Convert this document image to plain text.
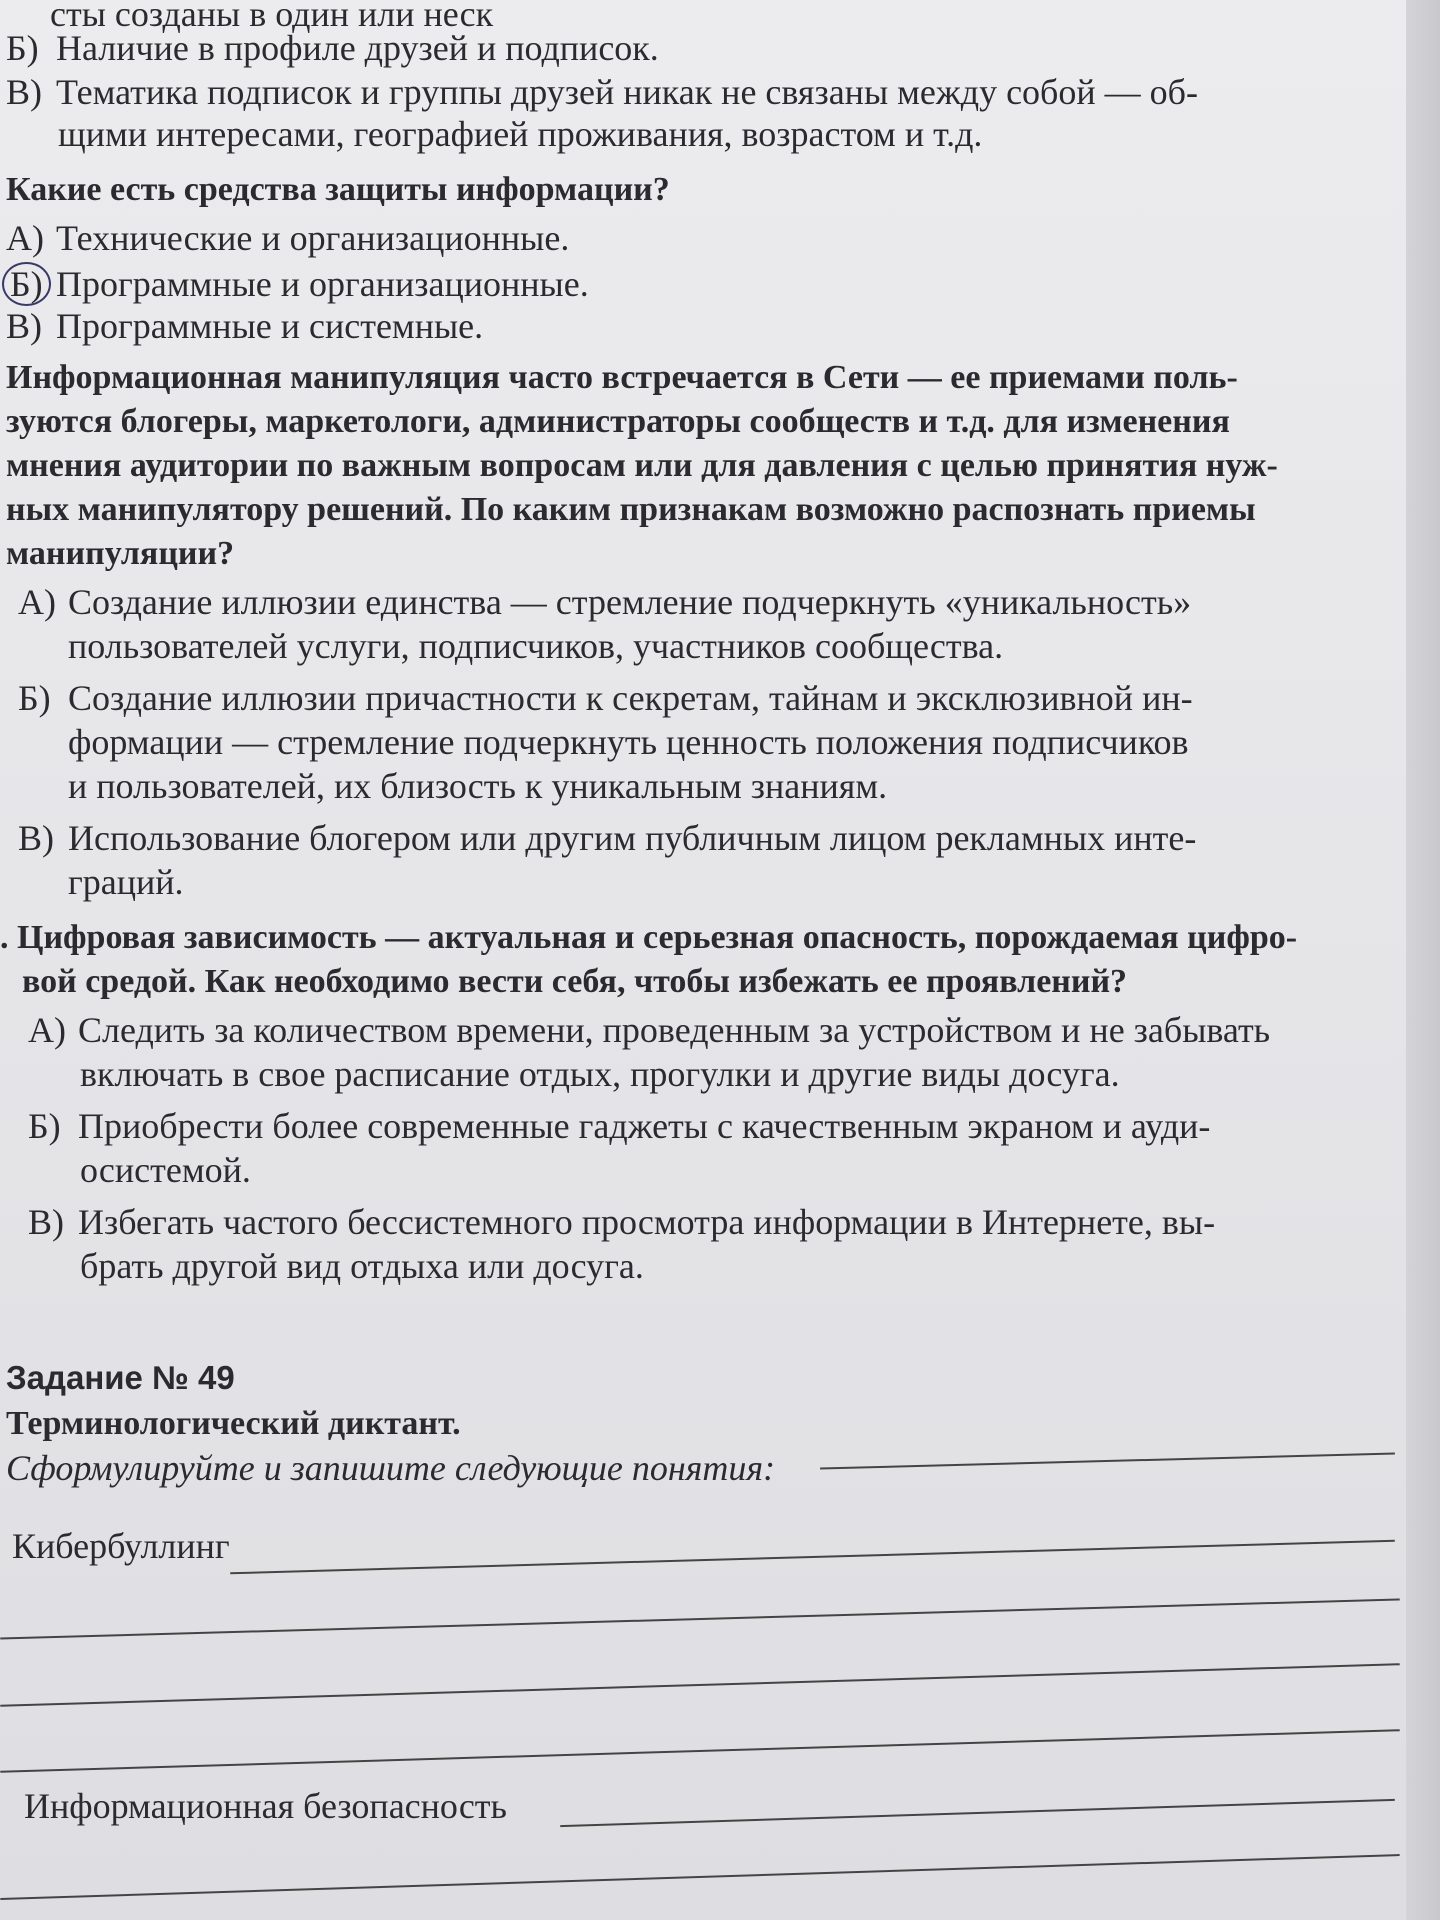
сты созданы в один или неск
Б) Наличие в профиле друзей и подписок.
В) Тематика подписок и группы друзей никак не связаны между собой — об-
щими интересами, географией проживания, возрастом и т.д.
Какие есть средства защиты информации?
А) Технические и организационные.
Б) Программные и организационные.
В) Программные и системные.
Информационная манипуляция часто встречается в Сети — ее приемами поль-
зуются блогеры, маркетологи, администраторы сообществ и т.д. для изменения
мнения аудитории по важным вопросам или для давления с целью принятия нуж-
ных манипулятору решений. По каким признакам возможно распознать приемы
манипуляции?
А) Создание иллюзии единства — стремление подчеркнуть «уникальность»
пользователей услуги, подписчиков, участников сообщества.
Б) Создание иллюзии причастности к секретам, тайнам и эксклюзивной ин-
формации — стремление подчеркнуть ценность положения подписчиков
и пользователей, их близость к уникальным знаниям.
В) Использование блогером или другим публичным лицом рекламных инте-
граций.
. Цифровая зависимость — актуальная и серьезная опасность, порождаемая цифро-
вой средой. Как необходимо вести себя, чтобы избежать ее проявлений?
А) Следить за количеством времени, проведенным за устройством и не забывать
включать в свое расписание отдых, прогулки и другие виды досуга.
Б) Приобрести более современные гаджеты с качественным экраном и ауди-
осистемой.
В) Избегать частого бессистемного просмотра информации в Интернете, вы-
брать другой вид отдыха или досуга.
Задание № 49
Терминологический диктант.
Сформулируйте и запишите следующие понятия:
Кибербуллинг
Информационная безопасность
